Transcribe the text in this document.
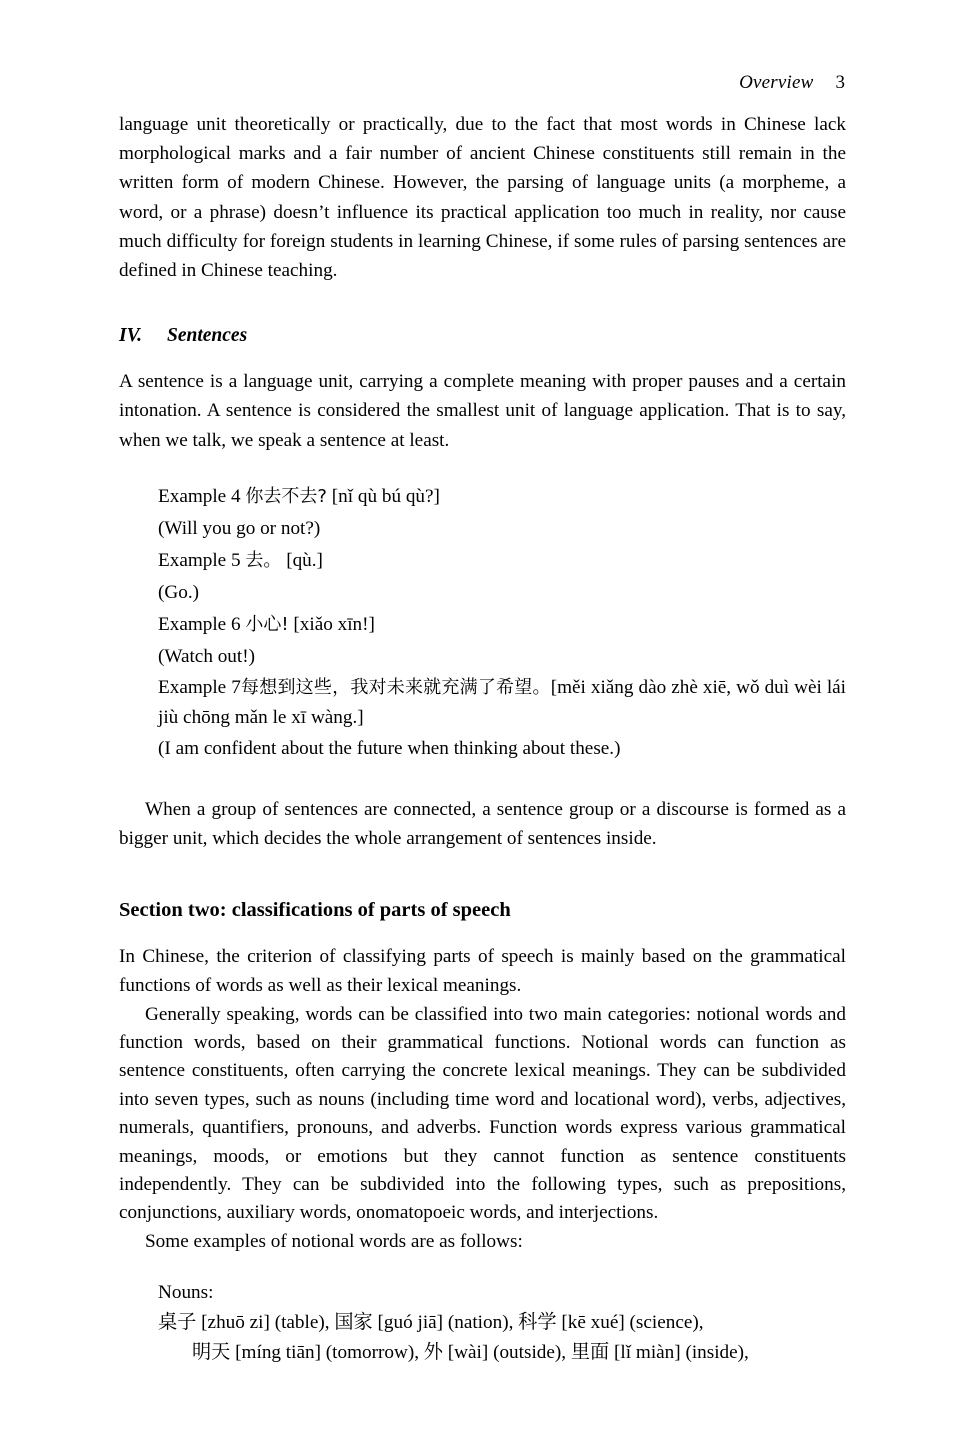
Overview 3

language unit theoretically or practically, due to the fact that most words in Chinese lack morphological marks and a fair number of ancient Chinese constituents still remain in the written form of modern Chinese. However, the parsing of language units (a morpheme, a word, or a phrase) doesn’t influence its practical application too much in reality, nor cause much difficulty for foreign students in learning Chinese, if some rules of parsing sentences are defined in Chinese teaching.

IV.	Sentences

A sentence is a language unit, carrying a complete meaning with proper pauses and a certain intonation. A sentence is considered the smallest unit of language application. That is to say, when we talk, we speak a sentence at least.

Example 4 你去不去? [nǐ qù bú qù?]
(Will you go or not?)
Example 5 去。 [qù.]
(Go.)
Example 6 小心! [xiǎo xīn!]
(Watch out!)
Example 7每想到这些，我对未来就充满了希望。[měi xiǎng dào zhè xiē, wǒ duì wèi lái jiù chōng mǎn le xī wàng.]
(I am confident about the future when thinking about these.)

When a group of sentences are connected, a sentence group or a discourse is formed as a bigger unit, which decides the whole arrangement of sentences inside.

Section two: classifications of parts of speech

In Chinese, the criterion of classifying parts of speech is mainly based on the grammatical functions of words as well as their lexical meanings.

Generally speaking, words can be classified into two main categories: notional words and function words, based on their grammatical functions. Notional words can function as sentence constituents, often carrying the concrete lexical meanings. They can be subdivided into seven types, such as nouns (including time word and locational word), verbs, adjectives, numerals, quantifiers, pronouns, and adverbs. Function words express various grammatical meanings, moods, or emotions but they cannot function as sentence constituents independently. They can be subdivided into the following types, such as prepositions, conjunctions, auxiliary words, onomatopoeic words, and interjections.

Some examples of notional words are as follows:

Nouns:
桌子 [zhuō zi] (table), 国家 [guó jiā] (nation), 科学 [kē xué] (science),
明天 [míng tiān] (tomorrow), 外 [wài] (outside), 里面 [lǐ miàn] (inside),
